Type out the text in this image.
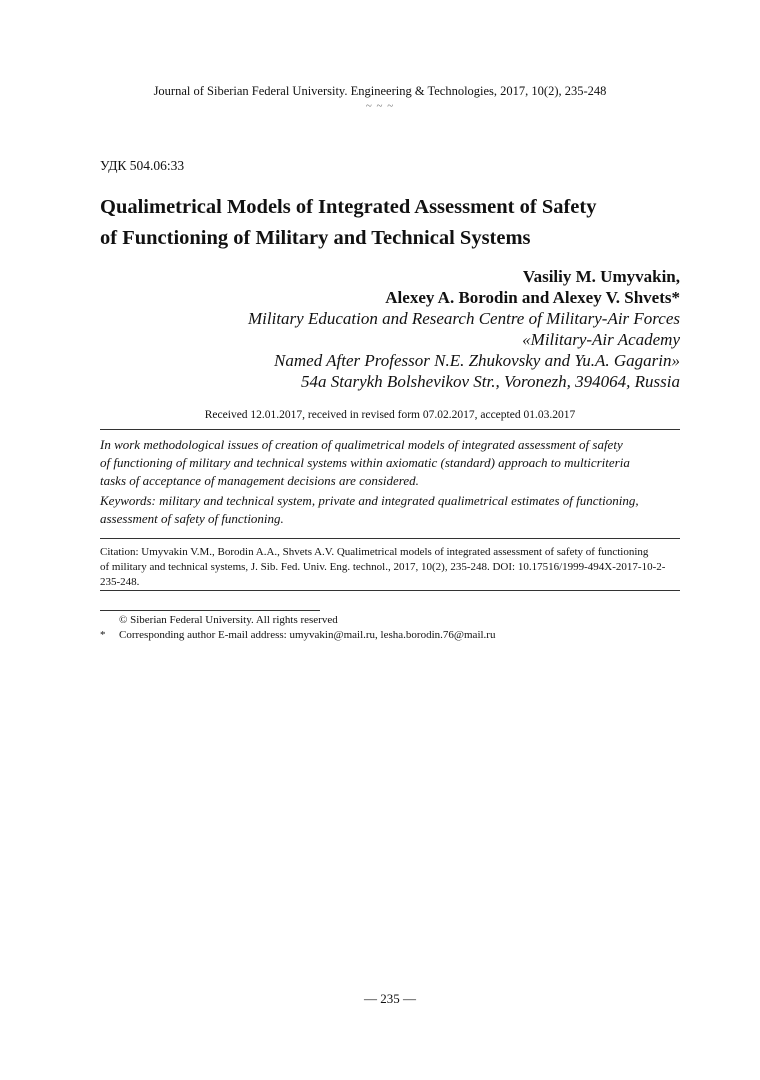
Journal of Siberian Federal University. Engineering & Technologies, 2017, 10(2), 235-248
~ ~ ~
УДК 504.06:33
Qualimetrical Models of Integrated Assessment of Safety
of Functioning of Military and Technical Systems
Vasiliy M. Umyvakin,
Alexey A. Borodin and Alexey V. Shvets*
Military Education and Research Centre of Military-Air Forces
«Military-Air Academy
Named After Professor N.E. Zhukovsky and Yu.A. Gagarin»
54a Starykh Bolshevikov Str., Voronezh, 394064, Russia
Received 12.01.2017, received in revised form 07.02.2017, accepted 01.03.2017
In work methodological issues of creation of qualimetrical models of integrated assessment of safety
of functioning of military and technical systems within axiomatic (standard) approach to multicriteria
tasks of acceptance of management decisions are considered.
Keywords: military and technical system, private and integrated qualimetrical estimates of functioning,
assessment of safety of functioning.
Citation: Umyvakin V.M., Borodin A.A., Shvets A.V. Qualimetrical models of integrated assessment of safety of functioning
of military and technical systems, J. Sib. Fed. Univ. Eng. technol., 2017, 10(2), 235-248. DOI: 10.17516/1999-494X-2017-10-2-
235-248.
© Siberian Federal University. All rights reserved
* Corresponding author E-mail address: umyvakin@mail.ru, lesha.borodin.76@mail.ru
— 235 —
